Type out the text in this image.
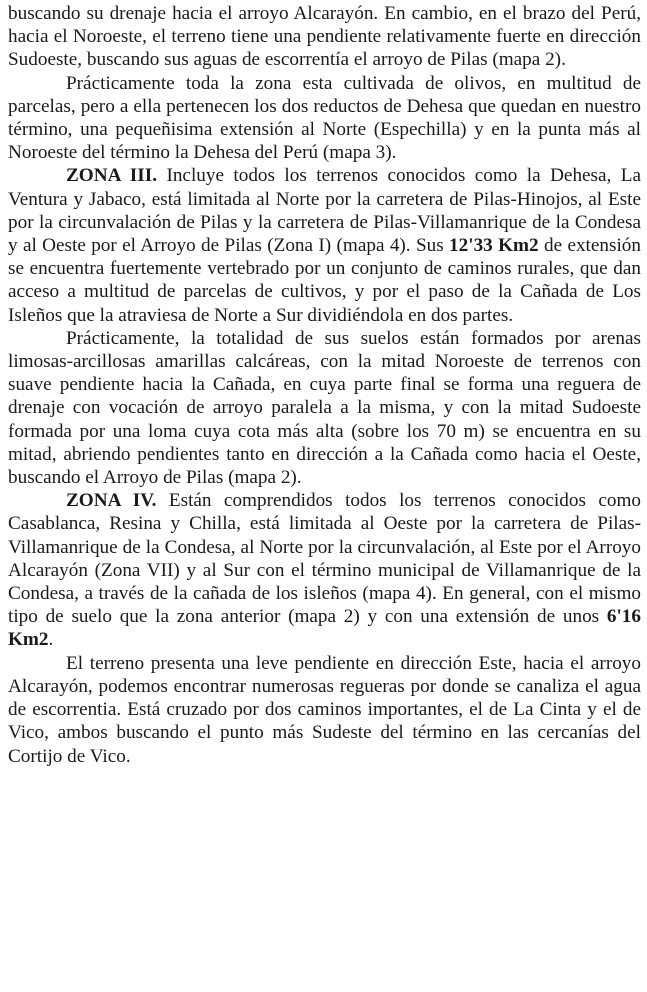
buscando su drenaje hacia el arroyo Alcarayón. En cambio, en el brazo del Perú, hacia el Noroeste, el terreno tiene una pendiente relativamente fuerte en dirección Sudoeste, buscando sus aguas de escorrentía el arroyo de Pilas (mapa 2).

Prácticamente toda la zona esta cultivada de olivos, en multitud de parcelas, pero a ella pertenecen los dos reductos de Dehesa que quedan en nuestro término, una pequeñisima extensión al Norte (Espechilla) y en la punta más al Noroeste del término la Dehesa del Perú (mapa 3).

ZONA III. Incluye todos los terrenos conocidos como la Dehesa, La Ventura y Jabaco, está limitada al Norte por la carretera de Pilas-Hinojos, al Este por la circunvalación de Pilas y la carretera de Pilas-Villamanrique de la Condesa y al Oeste por el Arroyo de Pilas (Zona I) (mapa 4). Sus 12'33 Km2 de extensión se encuentra fuertemente vertebrado por un conjunto de caminos rurales, que dan acceso a multitud de parcelas de cultivos, y por el paso de la Cañada de Los Isleños que la atraviesa de Norte a Sur dividiéndola en dos partes.

Prácticamente, la totalidad de sus suelos están formados por arenas limosas-arcillosas amarillas calcáreas, con la mitad Noroeste de terrenos con suave pendiente hacia la Cañada, en cuya parte final se forma una reguera de drenaje con vocación de arroyo paralela a la misma, y con la mitad Sudoeste formada por una loma cuya cota más alta (sobre los 70 m) se encuentra en su mitad, abriendo pendientes tanto en dirección a la Cañada como hacia el Oeste, buscando el Arroyo de Pilas (mapa 2).

ZONA IV. Están comprendidos todos los terrenos conocidos como Casablanca, Resina y Chilla, está limitada al Oeste por la carretera de Pilas-Villamanrique de la Condesa, al Norte por la circunvalación, al Este por el Arroyo Alcarayón (Zona VII) y al Sur con el término municipal de Villamanrique de la Condesa, a través de la cañada de los isleños (mapa 4). En general, con el mismo tipo de suelo que la zona anterior (mapa 2) y con una extensión de unos 6'16 Km2.

El terreno presenta una leve pendiente en dirección Este, hacia el arroyo Alcarayón, podemos encontrar numerosas regueras por donde se canaliza el agua de escorrentia. Está cruzado por dos caminos importantes, el de La Cinta y el de Vico, ambos buscando el punto más Sudeste del término en las cercanías del Cortijo de Vico.
